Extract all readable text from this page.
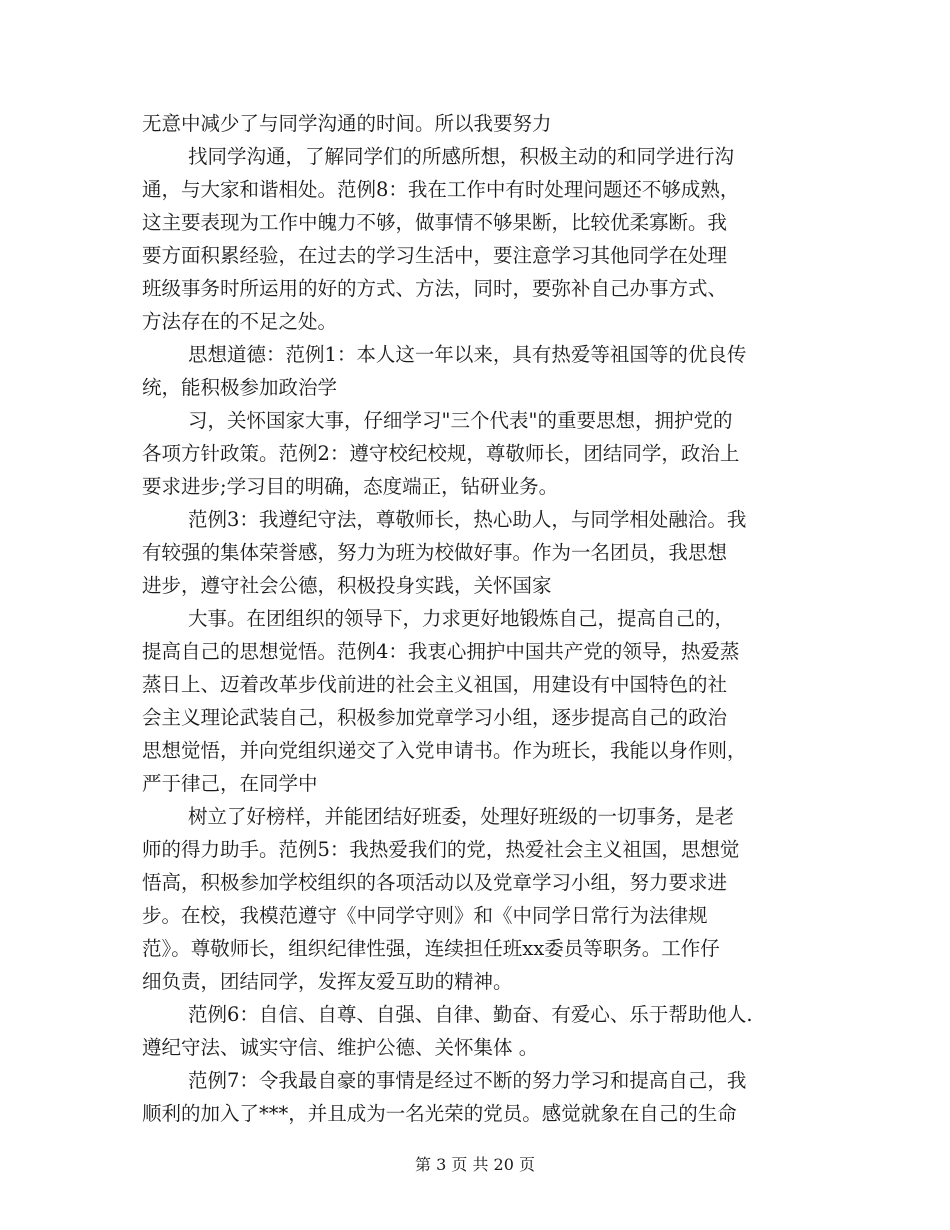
无意中减少了与同学沟通的时间。所以我要努力
找同学沟通，了解同学们的所感所想，积极主动的和同学进行沟
通，与大家和谐相处。范例8：我在工作中有时处理问题还不够成熟，
这主要表现为工作中魄力不够，做事情不够果断，比较优柔寡断。我
要方面积累经验，在过去的学习生活中，要注意学习其他同学在处理
班级事务时所运用的好的方式、方法，同时，要弥补自己办事方式、
方法存在的不足之处。
思想道德：范例1：本人这一年以来，具有热爱等祖国等的优良传
统，能积极参加政治学
习，关怀国家大事，仔细学习"三个代表"的重要思想，拥护党的
各项方针政策。范例2：遵守校纪校规，尊敬师长，团结同学，政治上
要求进步;学习目的明确，态度端正，钻研业务。
范例3：我遵纪守法，尊敬师长，热心助人，与同学相处融洽。我
有较强的集体荣誉感，努力为班为校做好事。作为一名团员，我思想
进步，遵守社会公德，积极投身实践，关怀国家
大事。在团组织的领导下，力求更好地锻炼自己，提高自己的，
提高自己的思想觉悟。范例4：我衷心拥护中国共产党的领导，热爱蒸
蒸日上、迈着改革步伐前进的社会主义祖国，用建设有中国特色的社
会主义理论武装自己，积极参加党章学习小组，逐步提高自己的政治
思想觉悟，并向党组织递交了入党申请书。作为班长，我能以身作则，
严于律己，在同学中
树立了好榜样，并能团结好班委，处理好班级的一切事务，是老
师的得力助手。范例5：我热爱我们的党，热爱社会主义祖国，思想觉
悟高，积极参加学校组织的各项活动以及党章学习小组，努力要求进
步。在校，我模范遵守《中同学守则》和《中同学日常行为法律规
范》。尊敬师长，组织纪律性强，连续担任班xx委员等职务。工作仔
细负责，团结同学，发挥友爱互助的精神。
范例6：自信、自尊、自强、自律、勤奋、有爱心、乐于帮助他人.
遵纪守法、诚实守信、维护公德、关怀集体 。
范例7：令我最自豪的事情是经过不断的努力学习和提高自己，我
顺利的加入了***，并且成为一名光荣的党员。感觉就象在自己的生命
第 3 页 共 20 页
